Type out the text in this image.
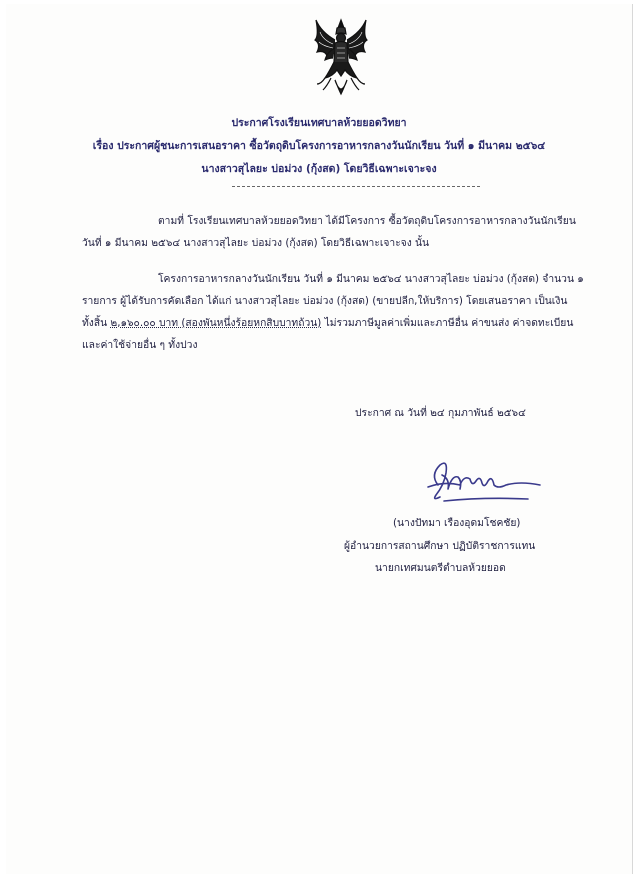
ประกาศโรงเรียนเทศบาลห้วยยอดวิทยา
เรื่อง ประกาศผู้ชนะการเสนอราคา ซื้อวัตถุดิบโครงการอาหารกลางวันนักเรียน วันที่ ๑ มีนาคม ๒๕๖๔
นางสาวสุไลยะ บ่อม่วง (กุ้งสด) โดยวิธีเฉพาะเจาะจง

ตามที่ โรงเรียนเทศบาลห้วยยอดวิทยา ได้มีโครงการ ซื้อวัตถุดิบโครงการอาหารกลางวันนักเรียน

วันที่ ๑ มีนาคม ๒๕๖๔ นางสาวสุไลยะ บ่อม่วง (กุ้งสด) โดยวิธีเฉพาะเจาะจง นั้น

โครงการอาหารกลางวันนักเรียน วันที่ ๑ มีนาคม ๒๕๖๔ นางสาวสุไลยะ บ่อม่วง (กุ้งสด) จำนวน ๑

รายการ ผู้ได้รับการคัดเลือก ได้แก่ นางสาวสุไลยะ บ่อม่วง (กุ้งสด) (ขายปลีก,ให้บริการ) โดยเสนอราคา เป็นเงิน

ทั้งสิ้น ๒,๑๖๐.๐๐ บาท (สองพันหนึ่งร้อยหกสิบบาทถ้วน) ไม่รวมภาษีมูลค่าเพิ่มและภาษีอื่น ค่าขนส่ง ค่าจดทะเบียน

และค่าใช้จ่ายอื่น ๆ ทั้งปวง

ประกาศ ณ วันที่ ๒๔ กุมภาพันธ์ ๒๕๖๔
(นางปัทมา เรืองอุดมโชคชัย)
ผู้อำนวยการสถานศึกษา ปฏิบัติราชการแทน
นายกเทศมนตรีตำบลห้วยยอด
